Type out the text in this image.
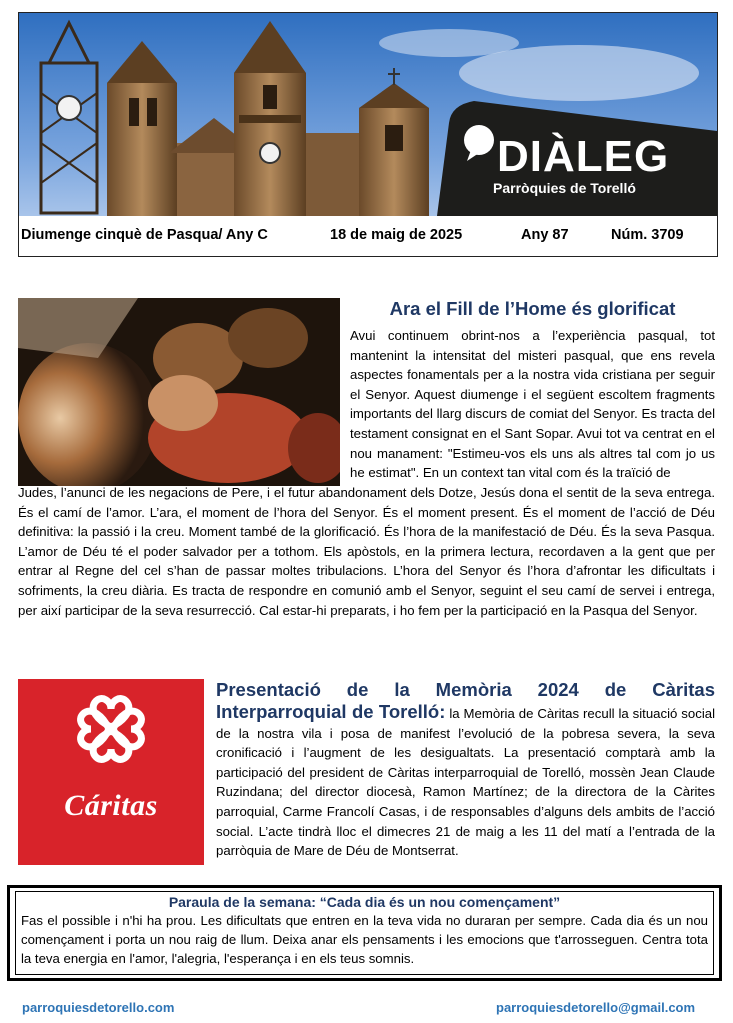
DIÀLEG
Parròquies de Torelló
Diumenge cinquè de Pasqua/ Any C	18 de maig de 2025	Any 87	Núm. 3709
Ara el Fill de l’Home és glorificat
Avui continuem obrint-nos a l’experiència pasqual, tot mantenint la intensitat del misteri pasqual, que ens revela aspectes fonamentals per a la nostra vida cristiana per seguir el Senyor. Aquest diumenge i el següent escoltem fragments importants del llarg discurs de comiat del Senyor. Es tracta del testament consignat en el Sant Sopar. Avui tot va centrat en el nou manament: "Estimeu-vos els uns als altres tal com jo us he estimat". En un context tan vital com és la traïció de
Judes, l’anunci de les negacions de Pere, i el futur abandonament dels Dotze, Jesús dona el sentit de la seva entrega. És el camí de l’amor. L’ara, el moment de l’hora del Senyor. És el moment present. És el moment de l’acció de Déu definitiva: la passió i la creu. Moment també de la glorificació. És l’hora de la manifestació de Déu. És la seva Pasqua. L’amor de Déu té el poder salvador per a tothom. Els apòstols, en la primera lectura, recordaven a la gent que per entrar al Regne del cel s’han de passar moltes tribulacions. L’hora del Senyor és l’hora d’afrontar les dificultats i sofriments, la creu diària. Es tracta de respondre en comunió amb el Senyor, seguint el seu camí de servei i entrega, per així participar de la seva resurrecció. Cal estar-hi preparats, i ho fem per la participació en la Pasqua del Senyor.
Cáritas
Presentació de la Memòria 2024 de Càritas
Interparroquial de Torelló: la Memòria de Càritas recull la situació social de la nostra vila i posa de manifest l’evolució de la pobresa severa, la seva cronificació i l’augment de les desigualtats. La presentació comptarà amb la participació del president de Càritas interparroquial de Torelló, mossèn Jean Claude Ruzindana; del director diocesà, Ramon Martínez; de la directora de la Càrites parroquial, Carme Francolí Casas, i de responsables d’alguns dels ambits de l’acció social. L’acte tindrà lloc el dimecres 21 de maig a les 11 del matí a l’entrada de la parròquia de Mare de Déu de Montserrat.
Paraula de la semana: “Cada dia és un nou començament”
Fas el possible i n'hi ha prou. Les dificultats que entren en la teva vida no duraran per sempre. Cada dia és un nou començament i porta un nou raig de llum. Deixa anar els pensaments i les emocions que t'arrosseguen. Centra tota la teva energia en l'amor, l'alegria, l'esperança i en els teus somnis.
parroquiesdetorello.com	parroquiesdetorello@gmail.com
